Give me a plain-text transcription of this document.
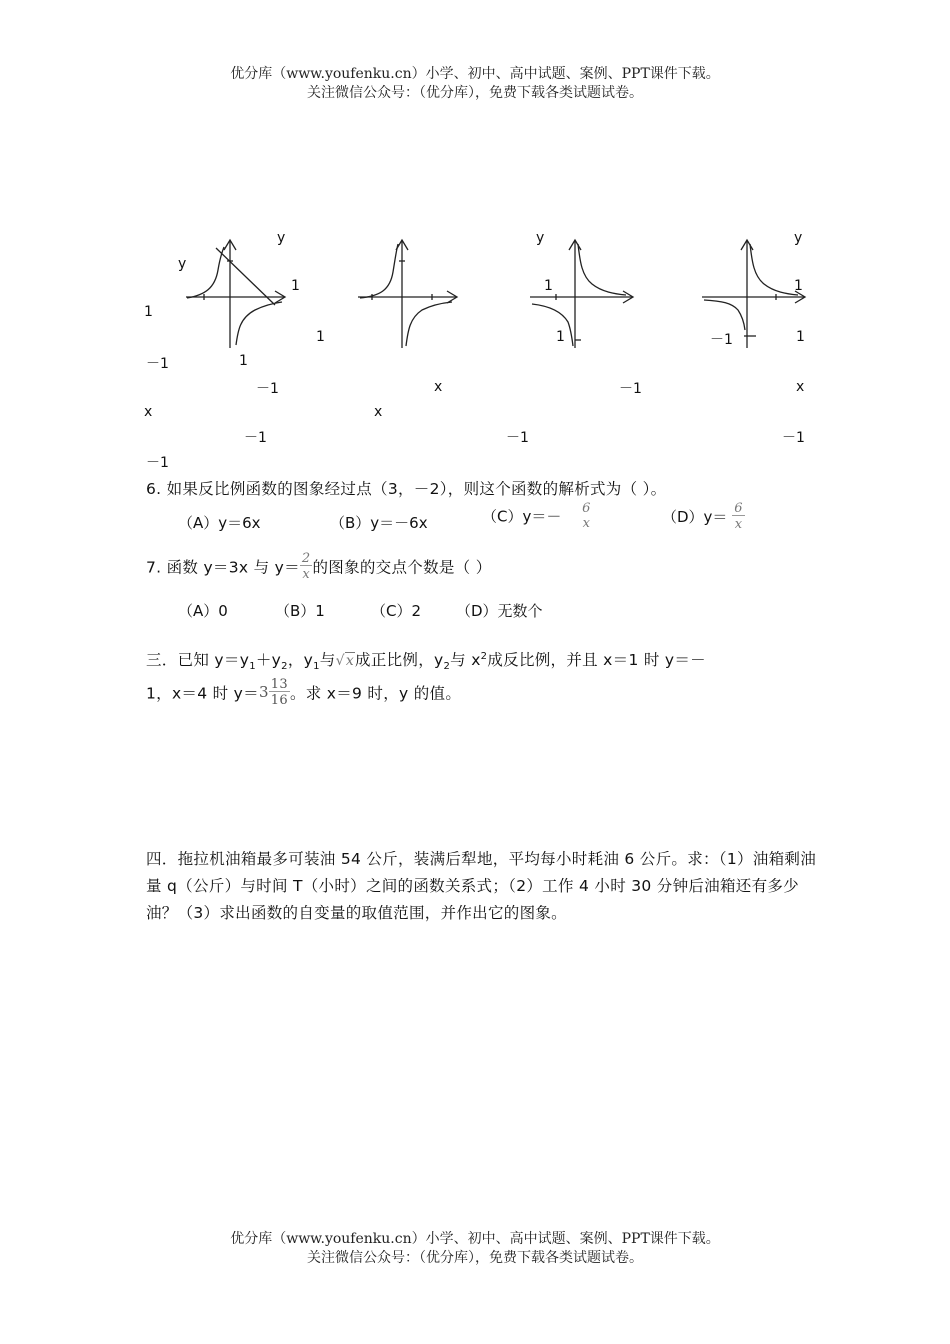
优分库（www.youfenku.cn）小学、初中、高中试题、案例、PPT课件下载。
关注微信公众号：（优分库），免费下载各类试题试卷。
y
y
1
1
1
－1	1
－1	x
x	x
－1
－1
y
1
1
－1
－1
y
1
－1	1
x
－1
6. 如果反比例函数的图象经过点（3，－2），则这个函数的解析式为（ ）。
（A）y＝6x	（B）y＝－6x	（C）y＝－ 6
x	$(D)y= \frac{6}{x}$
7. 函数 y＝3x 与 $y= \frac{2}{x}$ 的图象的交点个数是（ ）
（A）0	（B）1	（C）2 （D）无数个
三．已知 $y=y_1+y_2$，$y_1$与√x成正比例，$y_2$与 $x^2$成反比例，并且 x＝1 时 y＝－
1，x＝4 时 $y=3 \frac{13}{16}$ 。求 x＝9 时，y 的值。
四．拖拉机油箱最多可装油 54 公斤，装满后犁地，平均每小时耗油 6 公斤。求：（1）油箱剩油量 q（公斤）与时间 T（小时）之间的函数关系式；（2）工作 4 小时 30 分钟后油箱还有多少油？（3）求出函数的自变量的取值范围，并作出它的图象。
优分库（www.youfenku.cn）小学、初中、高中试题、案例、PPT课件下载。
关注微信公众号：（优分库），免费下载各类试题试卷。
